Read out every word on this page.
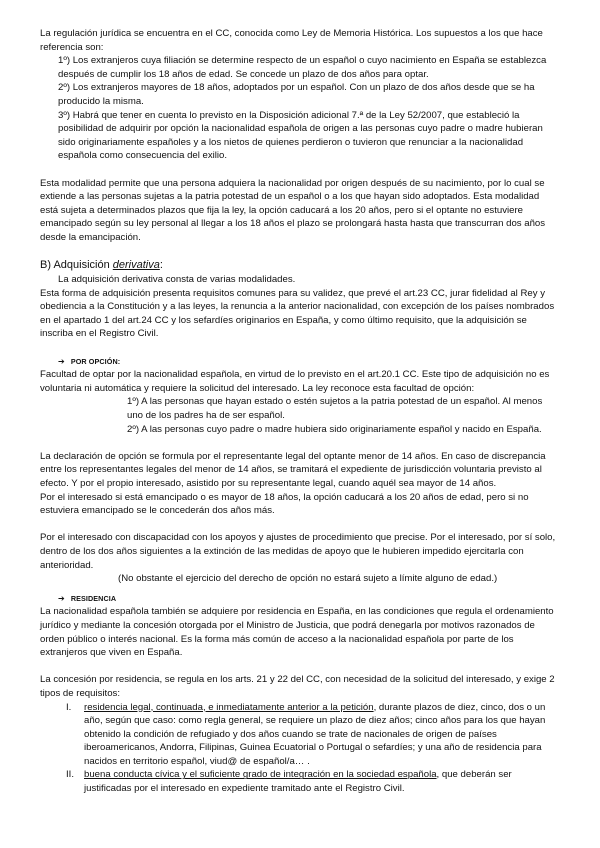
La regulación jurídica se encuentra en el CC, conocida como Ley de Memoria Histórica. Los supuestos a los que hace referencia son:

1º) Los extranjeros cuya filiación se determine respecto de un español o cuyo nacimiento en España se establezca después de cumplir los 18 años de edad. Se concede un plazo de dos años para optar.

2º) Los extranjeros mayores de 18 años, adoptados por un español. Con un plazo de dos años desde que se ha producido la misma.

3º) Habrá que tener en cuenta lo previsto en la Disposición adicional 7.ª de la Ley 52/2007, que estableció la posibilidad de adquirir por opción la nacionalidad española de origen a las personas cuyo padre o madre hubieran sido originariamente españoles y a los nietos de quienes perdieron o tuvieron que renunciar a la nacionalidad española como consecuencia del exilio.

Esta modalidad permite que una persona adquiera la nacionalidad por origen después de su nacimiento, por lo cual se extiende a las personas sujetas a la patria potestad de un español o a los que hayan sido adoptados. Esta modalidad está sujeta a determinados plazos que fija la ley, la opción caducará a los 20 años, pero si el optante no estuviere emancipado según su ley personal al llegar a los 18 años el plazo se prolongará hasta hasta que transcurran dos años desde la emancipación.

B) Adquisición derivativa:

La adquisición derivativa consta de varias modalidades.

Esta forma de adquisición presenta requisitos comunes para su validez, que prevé el art.23 CC, jurar fidelidad al Rey y obediencia a la Constitución y a las leyes, la renuncia a la anterior nacionalidad, con excepción de los países nombrados en el apartado 1 del art.24 CC y los sefardíes originarios en España, y como último requisito, que la adquisición se inscriba en el Registro Civil.

➔ POR OPCIÓN:

Facultad de optar por la nacionalidad española, en virtud de lo previsto en el art.20.1 CC. Este tipo de adquisición no es voluntaria ni automática y requiere la solicitud del interesado. La ley reconoce esta facultad de opción:

1º) A las personas que hayan estado o estén sujetos a la patria potestad de un español. Al menos uno de los padres ha de ser español.

2º) A las personas cuyo padre o madre hubiera sido originariamente español y nacido en España.

La declaración de opción se formula por el representante legal del optante menor de 14 años. En caso de discrepancia entre los representantes legales del menor de 14 años, se tramitará el expediente de jurisdicción voluntaria previsto al efecto. Y por el propio interesado, asistido por su representante legal, cuando aquél sea mayor de 14 años.

Por el interesado si está emancipado o es mayor de 18 años, la opción caducará a los 20 años de edad, pero si no estuviera emancipado se le concederán dos años más.

Por el interesado con discapacidad con los apoyos y ajustes de procedimiento que precise. Por el interesado, por sí solo, dentro de los dos años siguientes a la extinción de las medidas de apoyo que le hubieren impedido ejercitarla con anterioridad.

(No obstante el ejercicio del derecho de opción no estará sujeto a límite alguno de edad.)

➔ RESIDENCIA

La nacionalidad española también se adquiere por residencia en España, en las condiciones que regula el ordenamiento jurídico y mediante la concesión otorgada por el Ministro de Justicia, que podrá denegarla por motivos razonados de orden público o interés nacional. Es la forma más común de acceso a la nacionalidad española por parte de los extranjeros que viven en España.

La concesión por residencia, se regula en los arts. 21 y 22 del CC, con necesidad de la solicitud del interesado, y exige 2 tipos de requisitos:

I.	residencia legal, continuada, e inmediatamente anterior a la petición, durante plazos de diez, cinco, dos o un año, según que caso: como regla general, se requiere un plazo de diez años; cinco años para los que hayan obtenido la condición de refugiado y dos años cuando se trate de nacionales de origen de países iberoamericanos, Andorra, Filipinas, Guinea Ecuatorial o Portugal o sefardíes; y una año de residencia para nacidos en territorio español, viud@ de español/a… .
II.	buena conducta cívica y el suficiente grado de integración en la sociedad española, que deberán ser justificadas por el interesado en expediente tramitado ante el Registro Civil.
